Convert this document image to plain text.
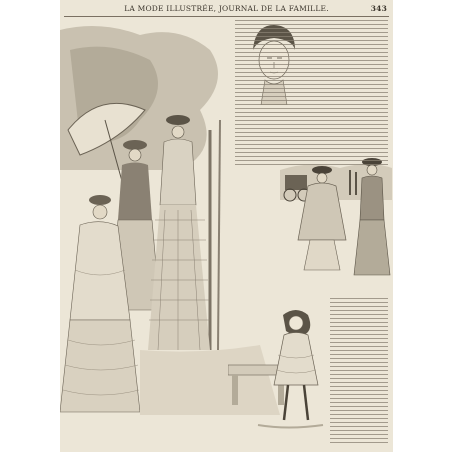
LA MODE ILLUSTRÉE, JOURNAL DE LA FAMILLE.	343
